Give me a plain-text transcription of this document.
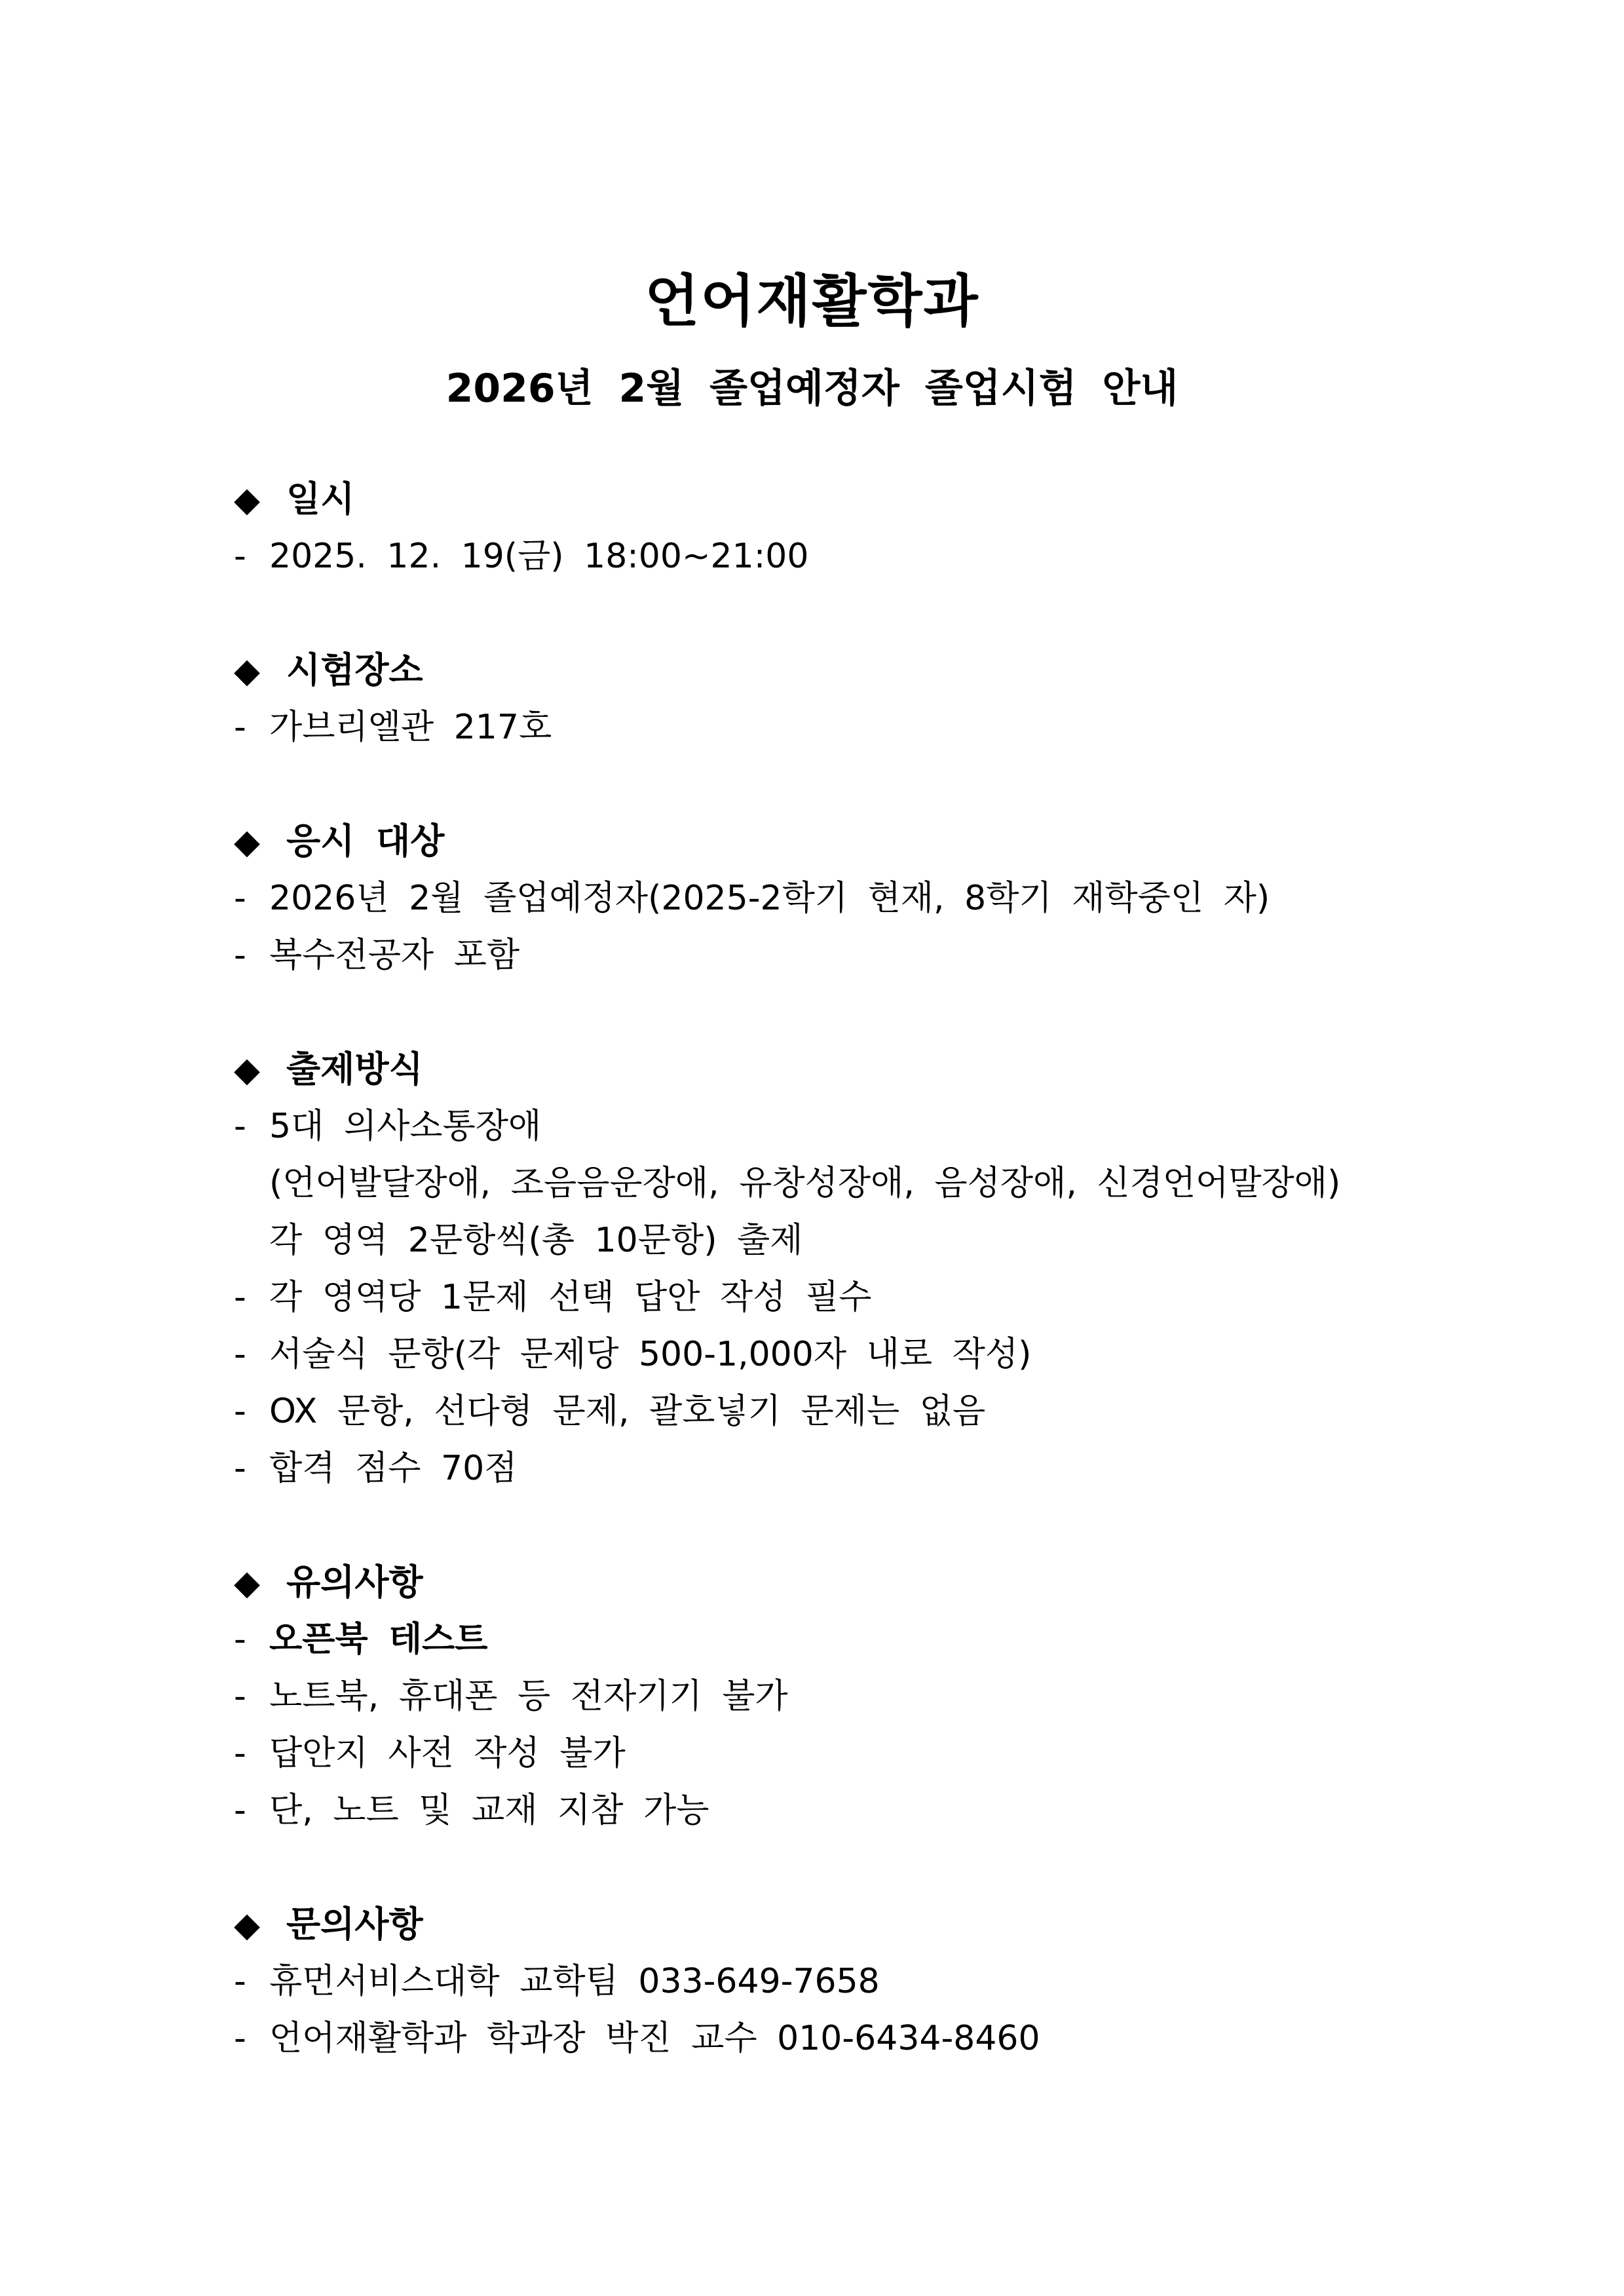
언어재활학과
2026년 2월 졸업예정자 졸업시험 안내
◆ 일시
- 2025. 12. 19(금) 18:00~21:00
◆ 시험장소
- 가브리엘관 217호
◆ 응시 대상
- 2026년 2월 졸업예정자(2025-2학기 현재, 8학기 재학중인 자)
- 복수전공자 포함
◆ 출제방식
- 5대 의사소통장애
(언어발달장애, 조음음운장애, 유창성장애, 음성장애, 신경언어말장애)
각 영역 2문항씩(총 10문항) 출제
- 각 영역당 1문제 선택 답안 작성 필수
- 서술식 문항(각 문제당 500-1,000자 내로 작성)
- OX 문항, 선다형 문제, 괄호넣기 문제는 없음
- 합격 점수 70점
◆ 유의사항
- 오픈북 테스트
- 노트북, 휴대폰 등 전자기기 불가
- 답안지 사전 작성 불가
- 단, 노트 및 교재 지참 가능
◆ 문의사항
- 휴먼서비스대학 교학팀 033-649-7658
- 언어재활학과 학과장 박진 교수 010-6434-8460
